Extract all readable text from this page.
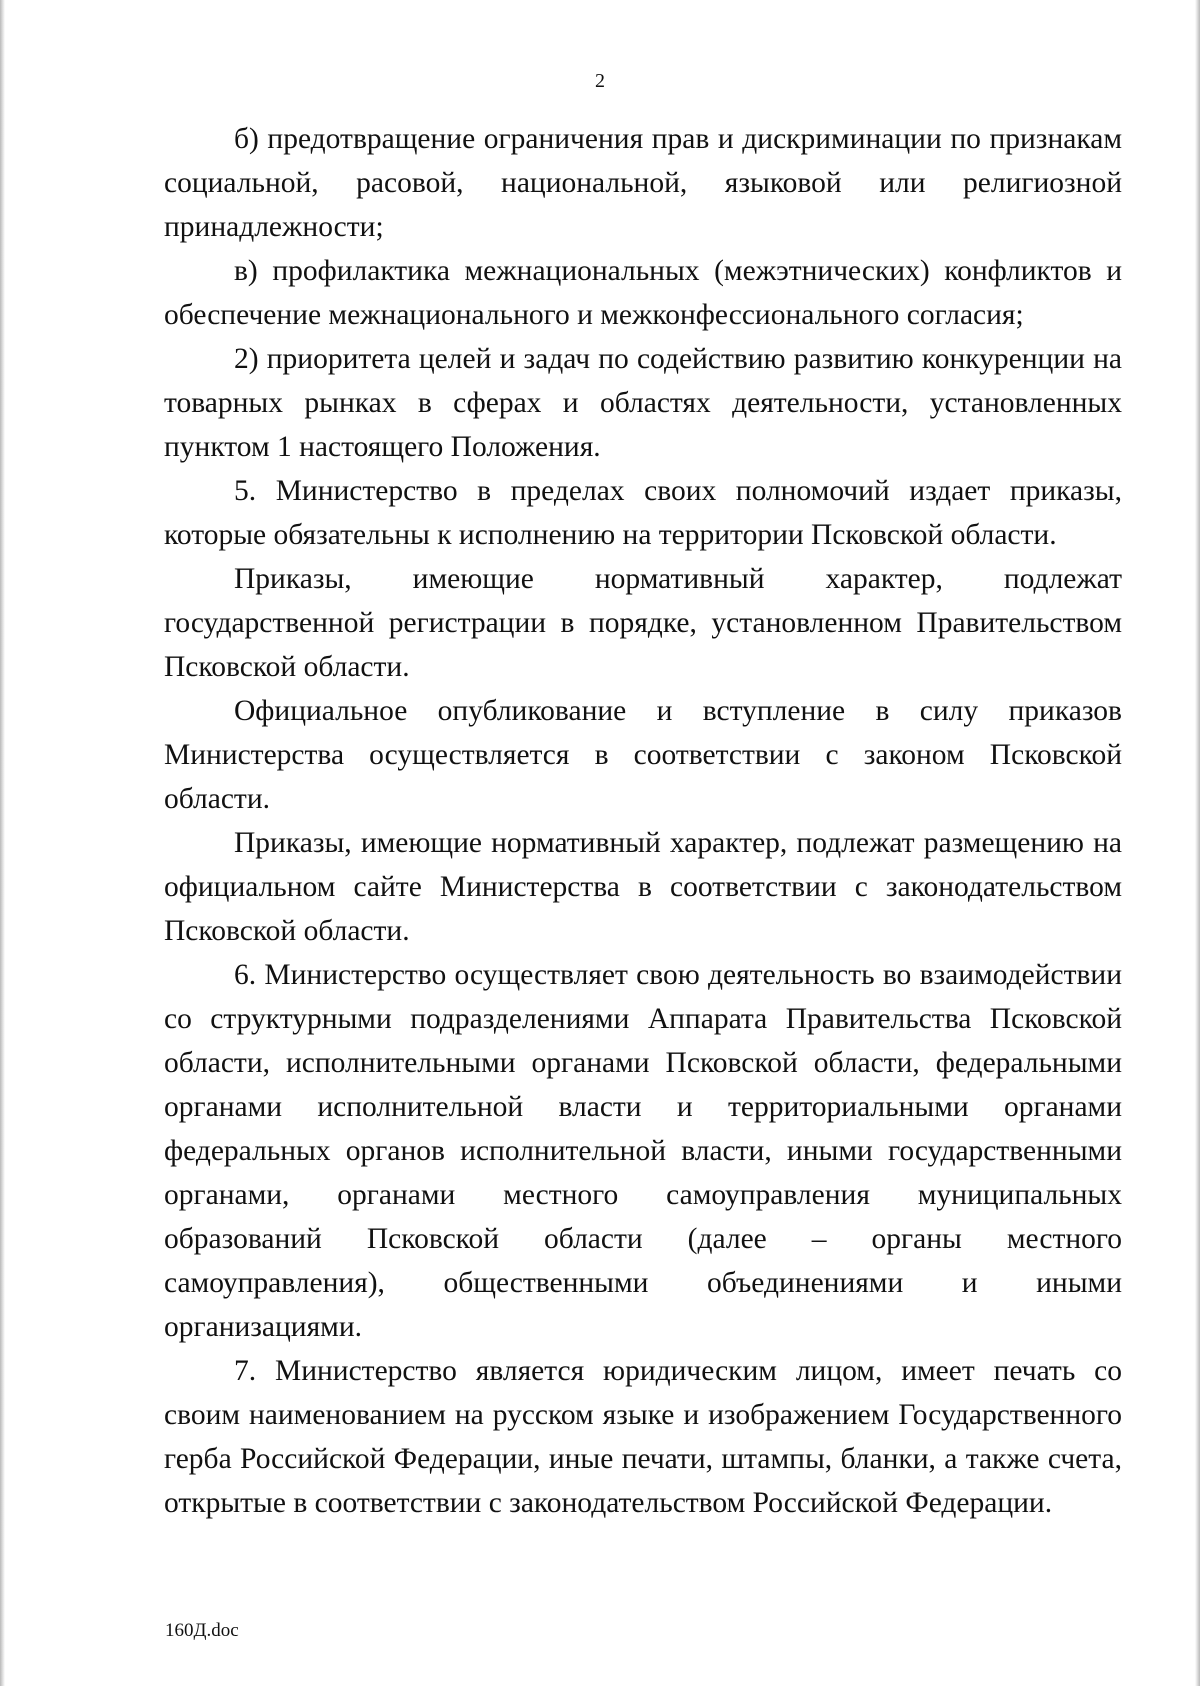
2

б) предотвращение ограничения прав и дискриминации по признакам социальной, расовой, национальной, языковой или религиозной принадлежности;

в) профилактика межнациональных (межэтнических) конфликтов и обеспечение межнационального и межконфессионального согласия;

2) приоритета целей и задач по содействию развитию конкуренции на товарных рынках в сферах и областях деятельности, установленных пунктом 1 настоящего Положения.

5. Министерство в пределах своих полномочий издает приказы, которые обязательны к исполнению на территории Псковской области.

Приказы, имеющие нормативный характер, подлежат государственной регистрации в порядке, установленном Правительством Псковской области.

Официальное опубликование и вступление в силу приказов Министерства осуществляется в соответствии с законом Псковской области.

Приказы, имеющие нормативный характер, подлежат размещению на официальном сайте Министерства в соответствии с законодательством Псковской области.

6. Министерство осуществляет свою деятельность во взаимодействии со структурными подразделениями Аппарата Правительства Псковской области, исполнительными органами Псковской области, федеральными органами исполнительной власти и территориальными органами федеральных органов исполнительной власти, иными государственными органами, органами местного самоуправления муниципальных образований Псковской области (далее – органы местного самоуправления), общественными объединениями и иными организациями.

7. Министерство является юридическим лицом, имеет печать со своим наименованием на русском языке и изображением Государственного герба Российской Федерации, иные печати, штампы, бланки, а также счета, открытые в соответствии с законодательством Российской Федерации.

160Д.doc
